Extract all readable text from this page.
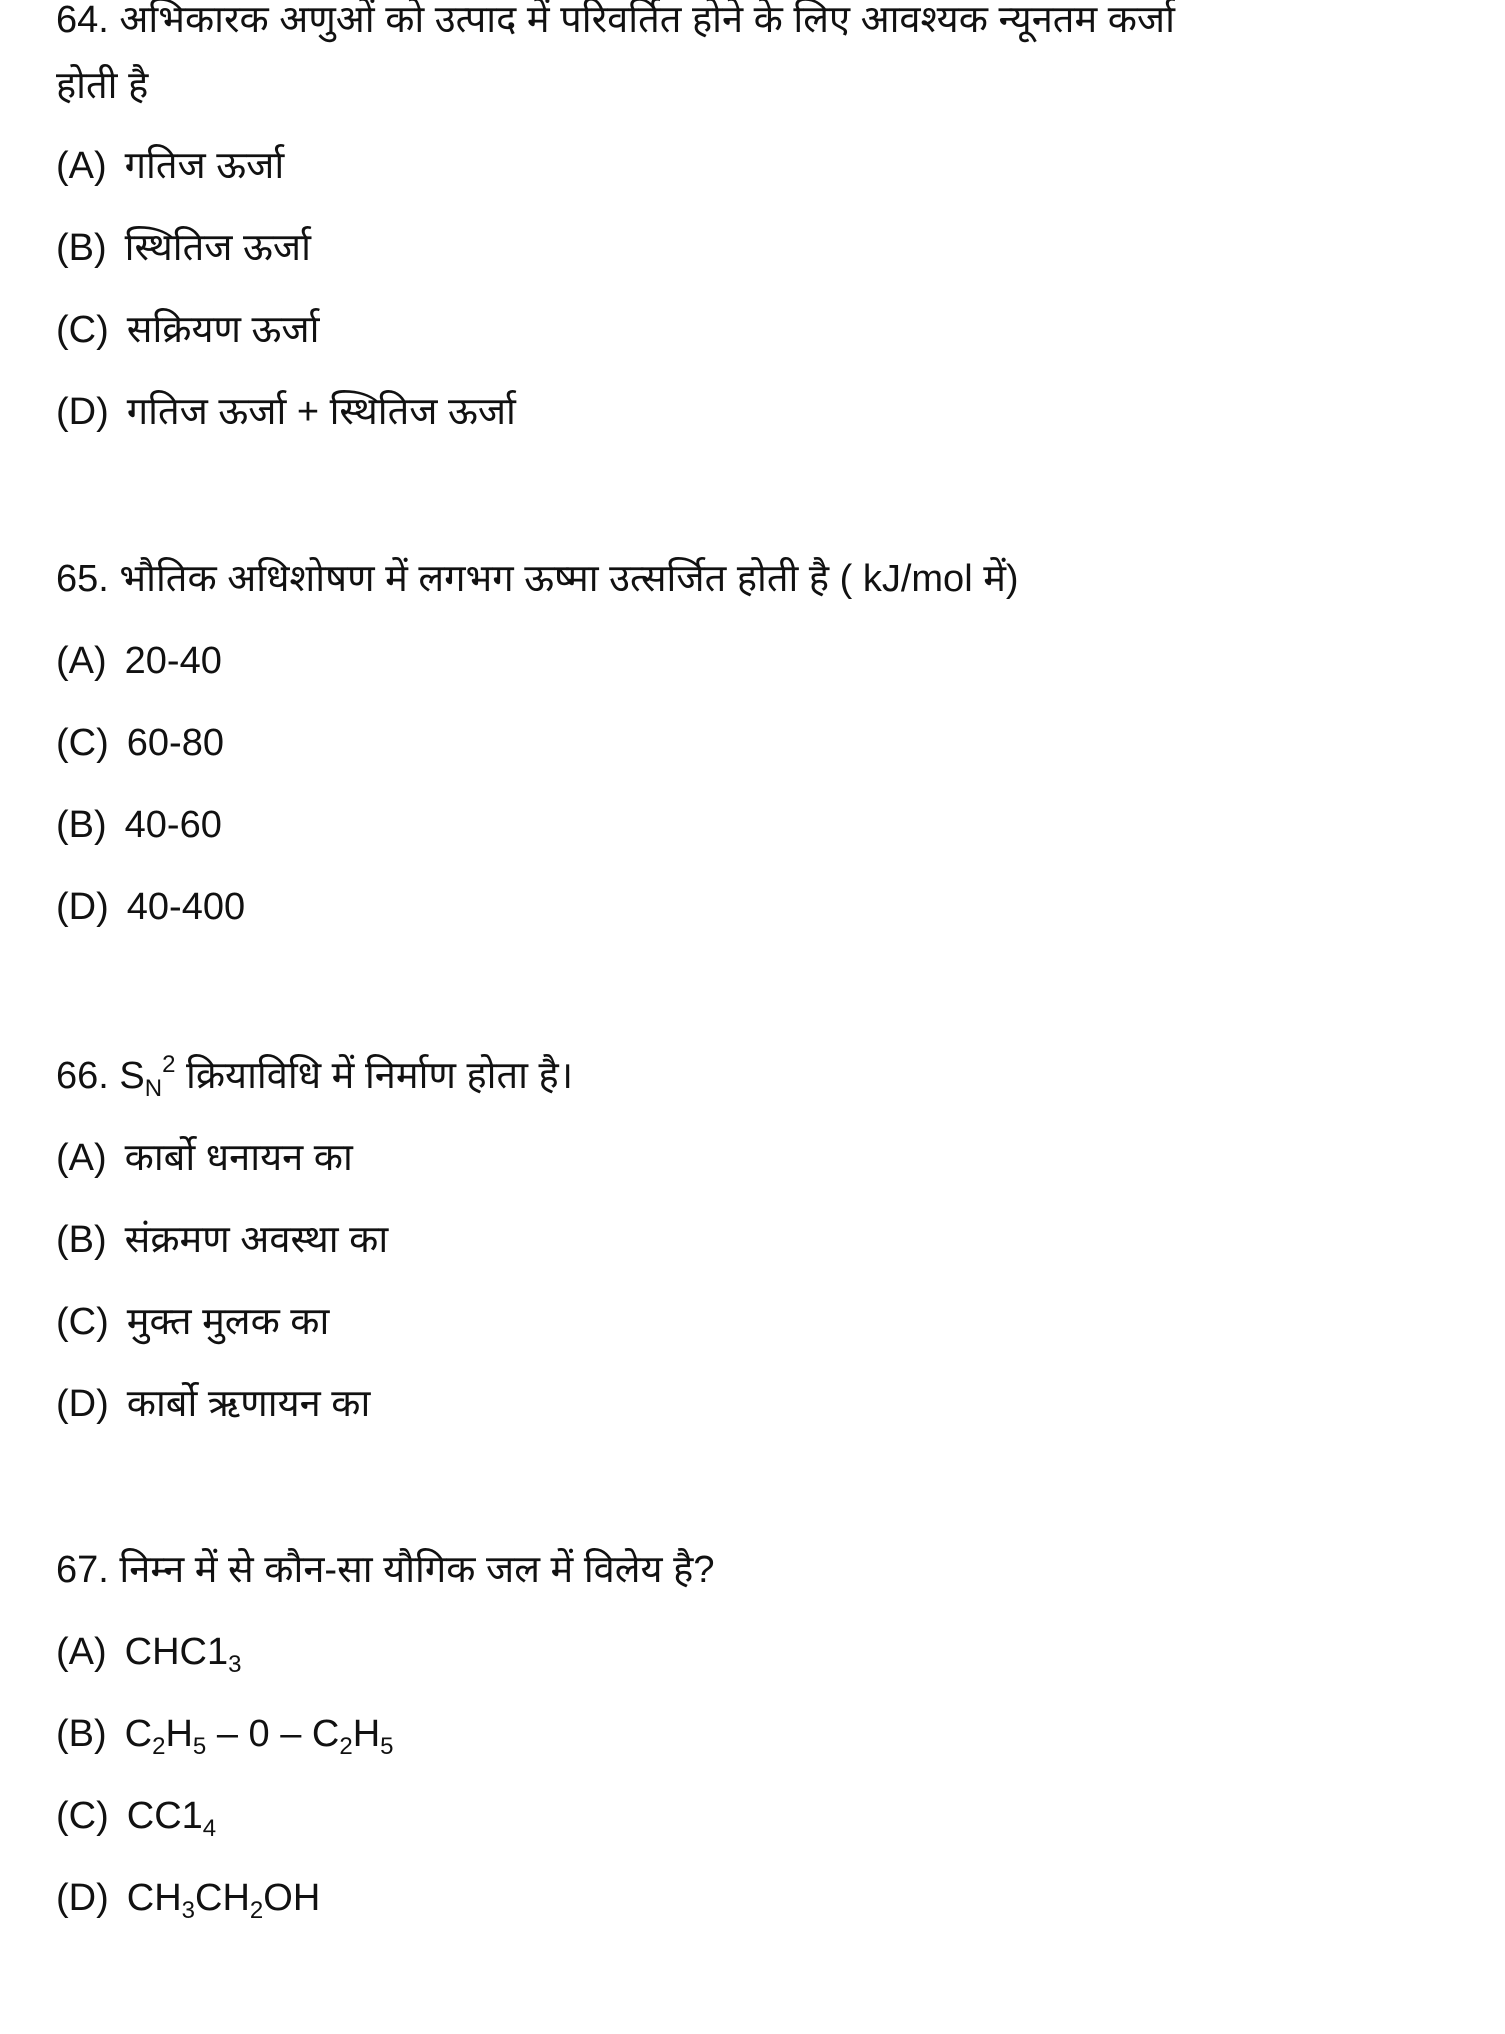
64. अभिकारक अणुओं को उत्पाद में परिवर्तित होने के लिए आवश्यक न्यूनतम कर्जा
होती है
(A) गतिज ऊर्जा
(B) स्थितिज ऊर्जा
(C) सक्रियण ऊर्जा
(D) गतिज ऊर्जा + स्थितिज ऊर्जा
65. भौतिक अधिशोषण में लगभग ऊष्मा उत्सर्जित होती है ( kJ/mol में)
(A) 20-40
(C) 60-80
(B) 40-60
(D) 40-400
66. $S_N^2$ क्रियाविधि में निर्माण होता है।
(A) कार्बो धनायन का
(B) संक्रमण अवस्था का
(C) मुक्त मुलक का
(D) कार्बो ऋणायन का
67. निम्न में से कौन-सा यौगिक जल में विलेय है?
(A) $CHC1_3$
(B) $C_2H_5 - 0 - C_2H_5$
(C) $CC1_4$
(D) $CH_3CH_2OH$
